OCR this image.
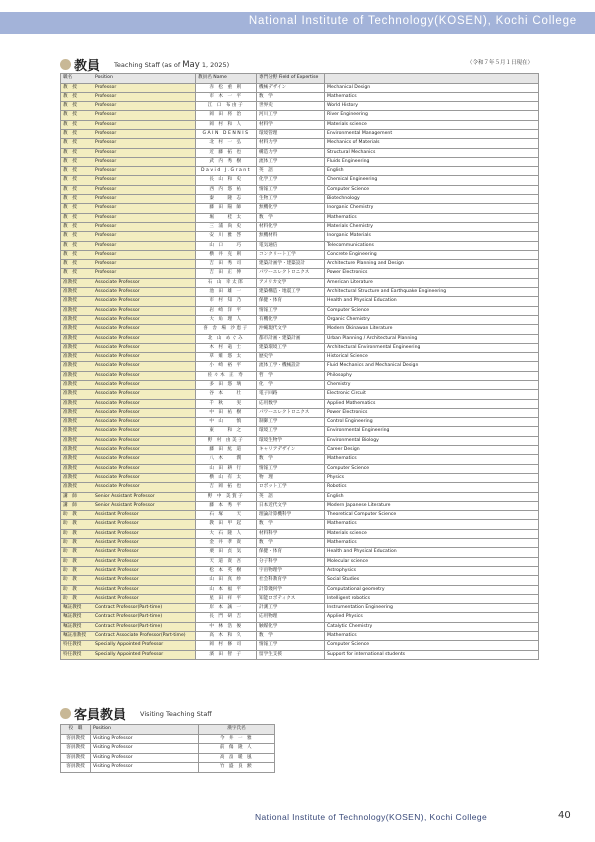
National Institute of Technology(KOSEN), Kochi College
教員 Teaching Staff (as of May 1, 2025)	（令和７年５月１日現在）
職名 Position	教員名 Name	専門分野 Field of Expertise	
教　授 Professor	赤 松 重 則	機械デザイン	Mechanical Design
教　授 Professor	市 木 一 平	数　学	Mathematics
教　授 Professor	江 口 布由子	世界史	World History
教　授 Professor	岡 田 将 治	河川工学	River Engineering
教　授 Professor	岡 村 和 人	材料学	Materials science
教　授 Professor	GAIN DENNIS	環境管理	Environmental Management
教　授 Professor	北 村 一 弘	材料力学	Mechanics of Materials
教　授 Professor	近 藤 拓 也	構造力学	Structural Mechanics
教　授 Professor	武 内 秀 樹	流体工学	Fluids Engineering
教　授 Professor	David J.Grant	英　語	English
教　授 Professor	長 山 和 史	化学工学	Chemical Engineering
教　授 Professor	西 内 悠 祐	情報工学	Computer Science
教　授 Professor	秦 　 隆 志	生物工学	Biotechnology
教　授 Professor	藤 田 陽 師	無機化学	Inorganic Chemistry
教　授 Professor	堀 　 桂 太	数　学	Mathematics
教　授 Professor	三 浦 尚 史	材料化学	Materials Chemistry
教　授 Professor	安 川 雅 啓	無機材料	Inorganic Materials
教　授 Professor	山 口 　 巧	電気通信	Telecommunications
教　授 Professor	横 井 克 則	コンクリート工学	Concrete Engineering
教　授 Professor	吉 田 秀 司	建築計画学・建築設計	Architecture Planning and Design
教　授 Professor	吉 田 正 伸	パワーエレクトロニクス	Power Electronics
准教授 Associate Professor	石 山 幸太郎	アメリカ文学	American Literature
准教授 Associate Professor	池 田 雄 一	建築構造・地震工学	Architectural Structure and Earthquake Engineering
准教授 Associate Professor	市 村 知 乃	保健・体育	Health and Physical Education
准教授 Associate Professor	岩 崎 洋 平	情報工学	Computer Science
准教授 Associate Professor	大 角 理 人	有機化学	Organic Chemistry
准教授 Associate Professor	喜 舎 場 沙恵子	沖縄現代文学	Modern Okinawan Literature
准教授 Associate Professor	北 山 めぐみ	都市計画・建築計画	Urban Planning / Architectural Planning
准教授 Associate Professor	木 村 竜 士	建築環境工学	Architectural Environmental Engineering
准教授 Associate Professor	草 薙 悠 太	歴史学	Historical Science
准教授 Associate Professor	小 崎 裕 平	流体工学・機械設計	Fluid Mechanics and Mechanical Design
准教授 Associate Professor	佐々木 正 寿	哲　学	Philosophy
准教授 Associate Professor	多 田 悠 璃	化　学	Chemistry
准教授 Associate Professor	谷 本 　 壮	電子回路	Electronic Circuit
准教授 Associate Professor	千 秋 　 実	応用数学	Applied Mathematics
准教授 Associate Professor	中 田 祐 樹	パワーエレクトロニクス	Power Electronics
准教授 Associate Professor	中 山 　 慎	制御工学	Control Engineering
准教授 Associate Professor	東 　 和 之	環境工学	Environmental Engineering
准教授 Associate Professor	野 村 由美子	環境生物学	Environmental Biology
准教授 Associate Professor	藤 田 紘 道	キャリアデザイン	Career Design
准教授 Associate Professor	八 木 　 潤	数　学	Mathematics
准教授 Associate Professor	山 田 耕 行	情報工学	Computer Science
准教授 Associate Professor	横 山 有 太	物　理	Physics
准教授 Associate Professor	吉 岡 拓 也	ロボット工学	Robotics
講　師 Senior Assistant Professor	野 中 美賀子	英　語	English
講　師 Senior Assistant Professor	藤 本 秀 平	日本近代文学	Modern Japanese Literature
助　教 Assistant Professor	石 塚 　 天	理論計算機科学	Theoretical Computer Science
助　教 Assistant Professor	教 田 甲 起	数　学	Mathematics
助　教 Assistant Professor	大 石 隆 人	材料科学	Materials science
助　教 Assistant Professor	金 井 孝 貴	数　学	Mathematics
助　教 Assistant Professor	栗 田 貞 気	保健・体育	Health and Physical Education
助　教 Assistant Professor	天 道 貴 吾	分子科学	Molecular science
助　教 Assistant Professor	松 本 英 樹	宇宙物理学	Astrophysics
助　教 Assistant Professor	山 田 真 紗	社会科教育学	Social Studies
助　教 Assistant Professor	山 本 福 平	計算幾何学	Computational geometry
助　教 Assistant Professor	星 田 祥 平	知能ロボティクス	Intelligent robotics
嘱託教授 Contract Professor(Part-time)	岸 本 誠 一	計測工学	Instrumentation Engineering
嘱託教授 Contract Professor(Part-time)	長 門 研 吉	応用物理	Applied Physics
嘱託教授 Contract Professor(Part-time)	中 林 浩 俊	触媒化学	Catalytic Chemistry
嘱託准教授 Contract Associate Professor(Part-time)	高 木 和 久	数　学	Mathematics
特任教授 Specially Appointed Professor	岡 村 修 司	情報工学	Computer Science
特任教授 Specially Appointed Professor	濱 田 智 子	留学生支援	Support for international students
客員教員 Visiting Teaching Staff
役　職	Position	漢字氏名
客員教授	Visiting Professor	今 井 一 雅
客員教授	Visiting Professor	前 傷 隆 人
客員教授	Visiting Professor	高 畠 暖 風
客員教授	Visiting Professor	竹 盛 良 勲
National Institute of Technology(KOSEN), Kochi College	40
